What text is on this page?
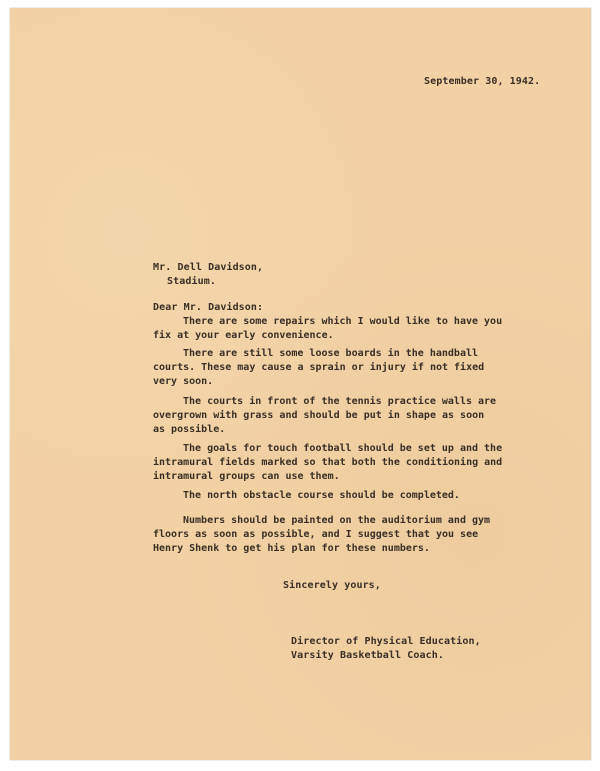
September 30, 1942.
Mr. Dell Davidson,
Stadium.
Dear Mr. Davidson:

There are some repairs which I would like to have you
fix at your early convenience.

There are still some loose boards in the handball
courts. These may cause a sprain or injury if not fixed
very soon.

The courts in front of the tennis practice walls are
overgrown with grass and should be put in shape as soon
as possible.

The goals for touch football should be set up and the
intramural fields marked so that both the conditioning and
intramural groups can use them.

The north obstacle course should be completed.

Numbers should be painted on the auditorium and gym
floors as soon as possible, and I suggest that you see
Henry Shenk to get his plan for these numbers.

Sincerely yours,
Director of Physical Education,
Varsity Basketball Coach.
